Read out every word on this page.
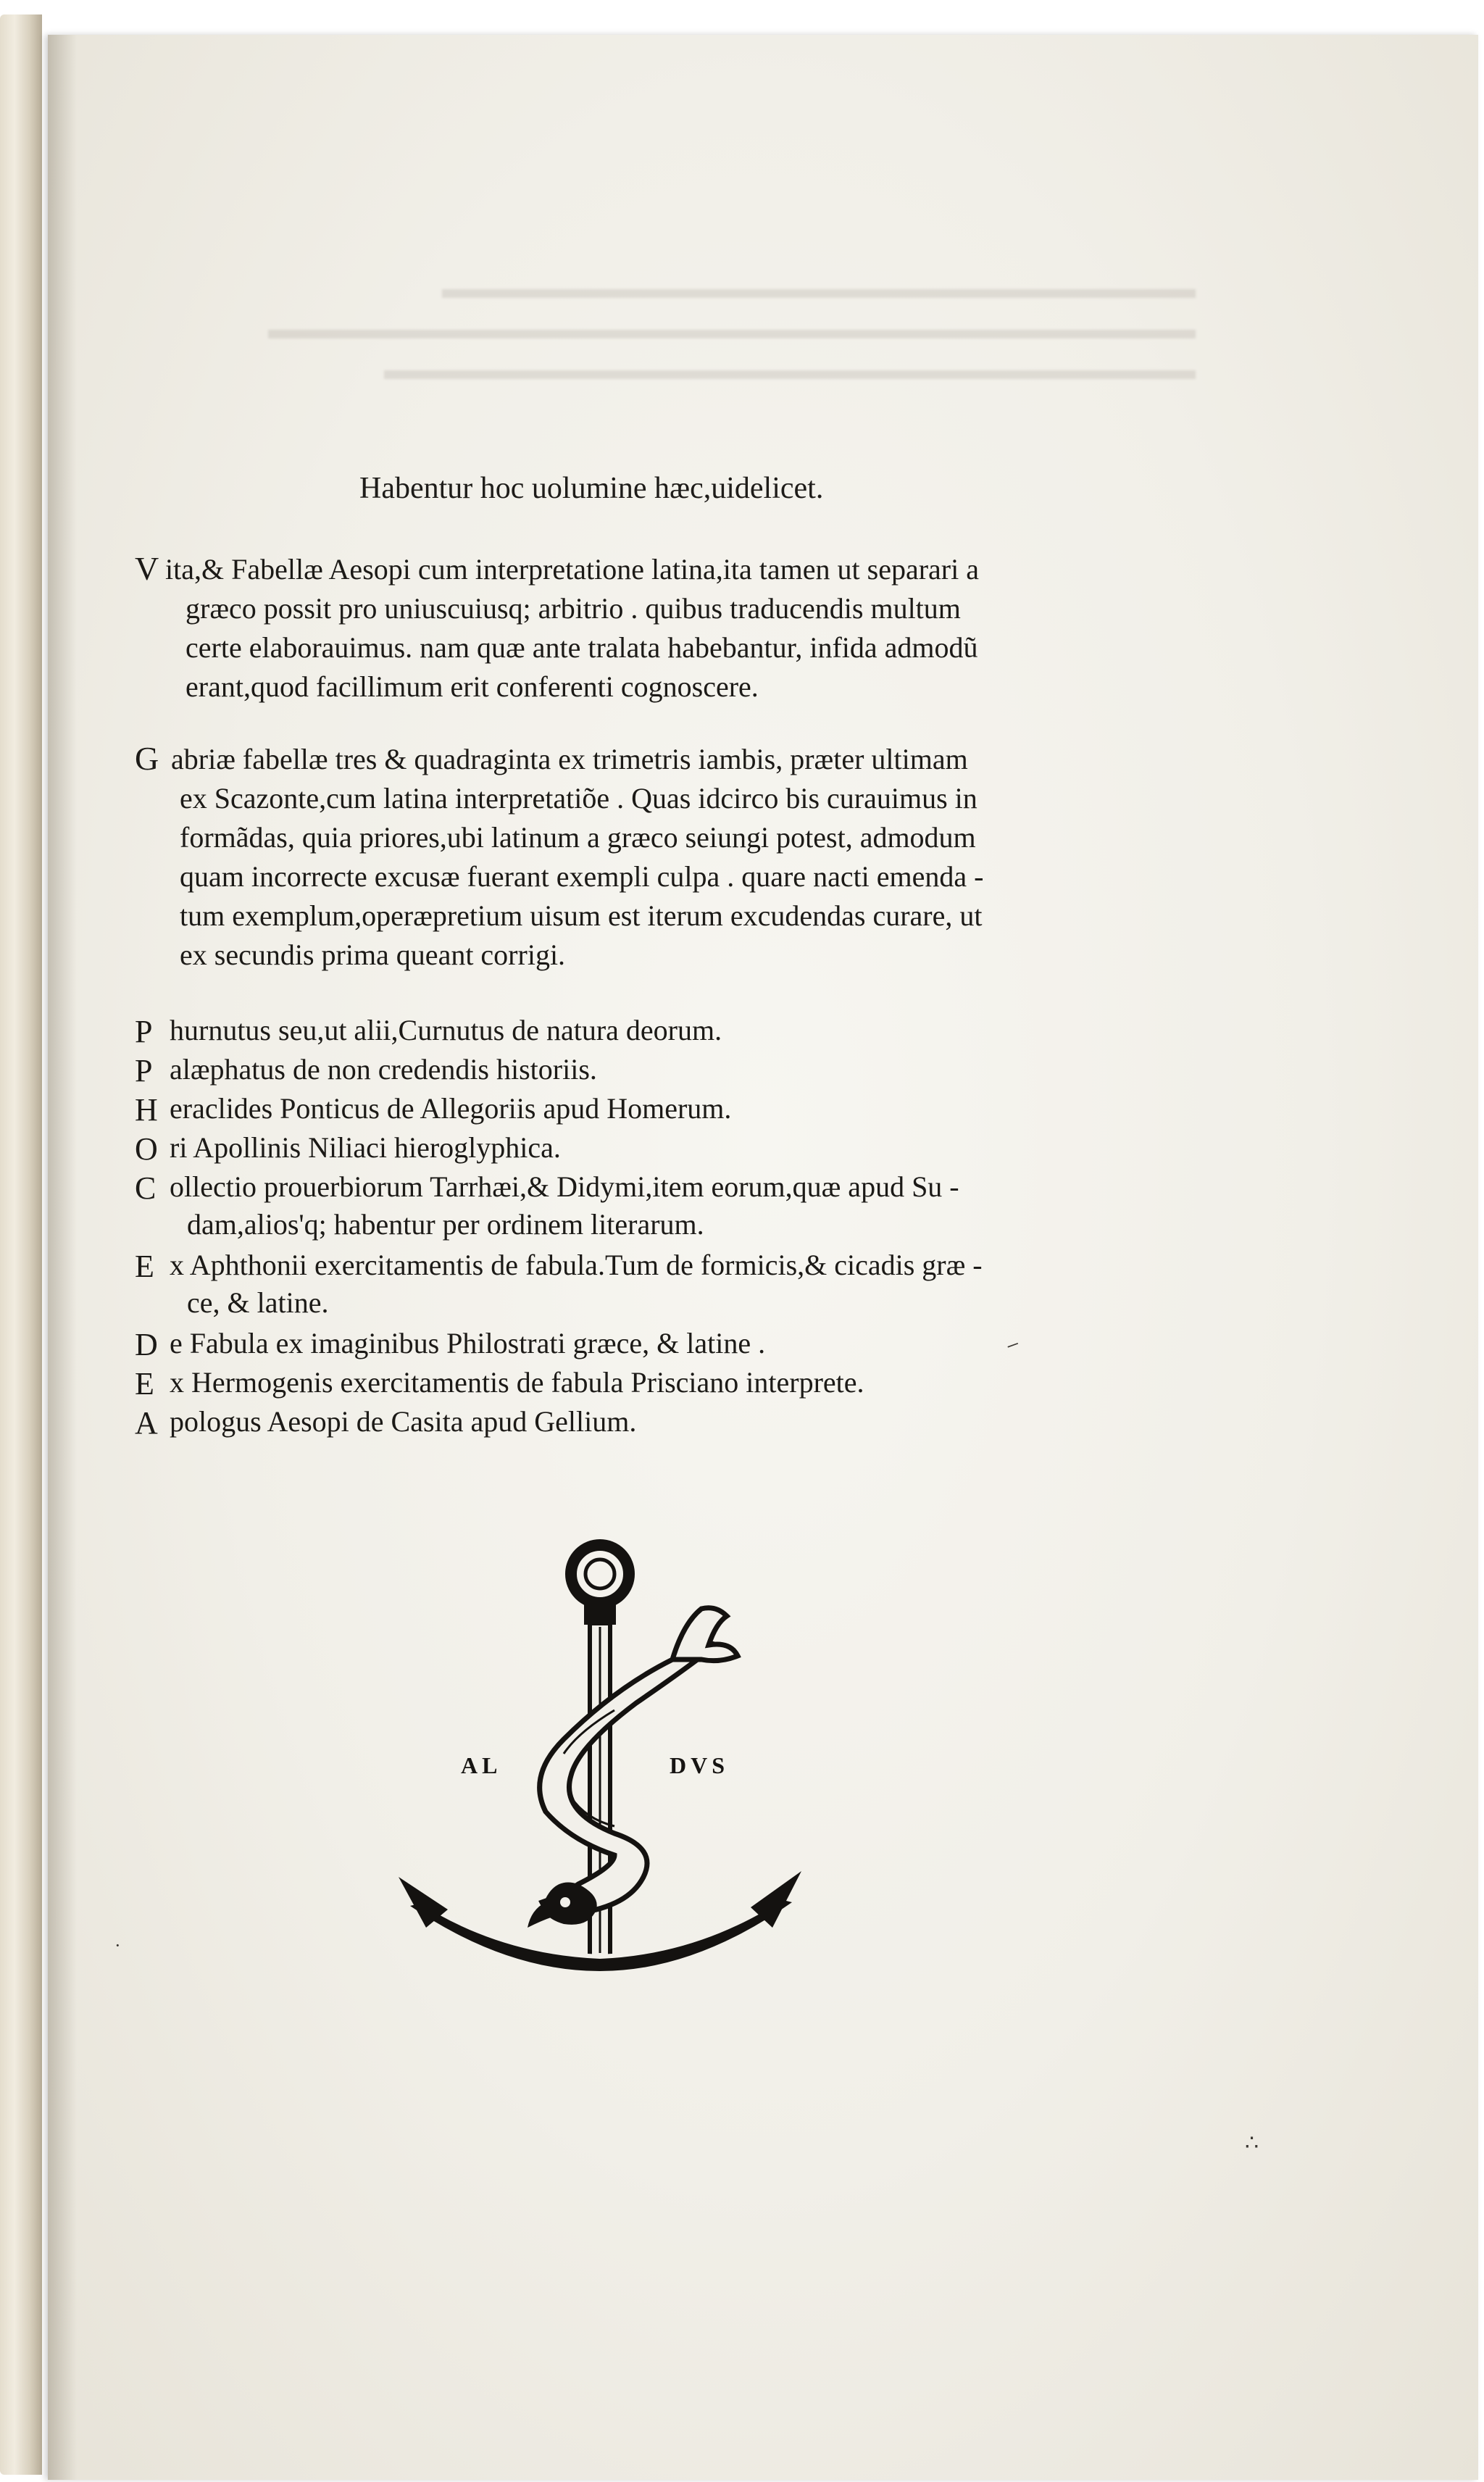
▬▬▬▬▬▬▬▬▬▬▬▬▬▬▬▬▬▬▬▬▬▬▬▬▬▬
▬▬▬▬▬▬▬▬▬▬▬▬▬▬▬▬▬▬▬▬▬▬▬▬▬▬▬▬▬▬▬▬
▬▬▬▬▬▬▬▬▬▬▬▬▬▬▬▬▬▬▬▬▬▬▬▬▬▬▬▬
Habentur hoc uolumine hæc,uidelicet.
V ita,& Fabellæ Aesopi cum interpretatione latina,ita tamen ut separari a
græco possit pro uniuscuiusq; arbitrio . quibus traducendis multum
certe elaborauimus. nam quæ ante tralata habebantur, infida admodũ
erant,quod facillimum erit conferenti cognoscere.
G abriæ fabellæ tres & quadraginta ex trimetris iambis, præter ultimam
ex Scazonte,cum latina interpretatiõe . Quas idcirco bis curauimus in
formãdas, quia priores,ubi latinum a græco seiungi potest, admodum
quam incorrecte excusæ fuerant exempli culpa . quare nacti emenda -
tum exemplum,operæpretium uisum est iterum excudendas curare, ut
ex secundis prima queant corrigi.
P hurnutus seu,ut alii,Curnutus de natura deorum.
P alæphatus de non credendis historiis.
H eraclides Ponticus de Allegoriis apud Homerum.
O ri Apollinis Niliaci hieroglyphica.
C ollectio prouerbiorum Tarrhæi,& Didymi,item eorum,quæ apud Su -
dam,alios'q; habentur per ordinem literarum.
E x Aphthonii exercitamentis de fabula.Tum de formicis,& cicadis græ -
ce, & latine.
D e Fabula ex imaginibus Philostrati græce, & latine .
E x Hermogenis exercitamentis de fabula Prisciano interprete.
A pologus Aesopi de Casita apud Gellium.
⁻
∴
·
AL	DVS
